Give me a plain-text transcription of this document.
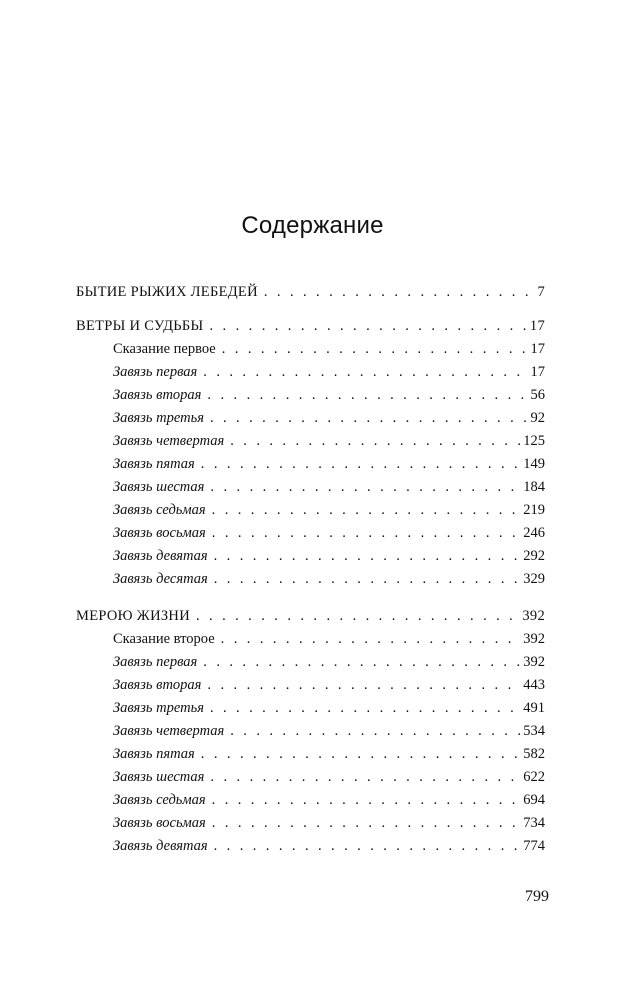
Содержание
БЫТИЕ РЫЖИХ ЛЕБЕДЕЙ . . .	7
ВЕТРЫ И СУДЬБЫ . . .	17
Сказание первое . . .	17
Завязь первая . . .	17
Завязь вторая . . .	56
Завязь третья . . .	92
Завязь четвертая . . .	125
Завязь пятая . . .	149
Завязь шестая . . .	184
Завязь седьмая . . .	219
Завязь восьмая . . .	246
Завязь девятая . . .	292
Завязь десятая . . .	329
МЕРОЮ ЖИЗНИ . . .	392
Сказание второе . . .	392
Завязь первая . . .	392
Завязь вторая . . .	443
Завязь третья . . .	491
Завязь четвертая . . .	534
Завязь пятая . . .	582
Завязь шестая . . .	622
Завязь седьмая . . .	694
Завязь восьмая . . .	734
Завязь девятая . . .	774
799
